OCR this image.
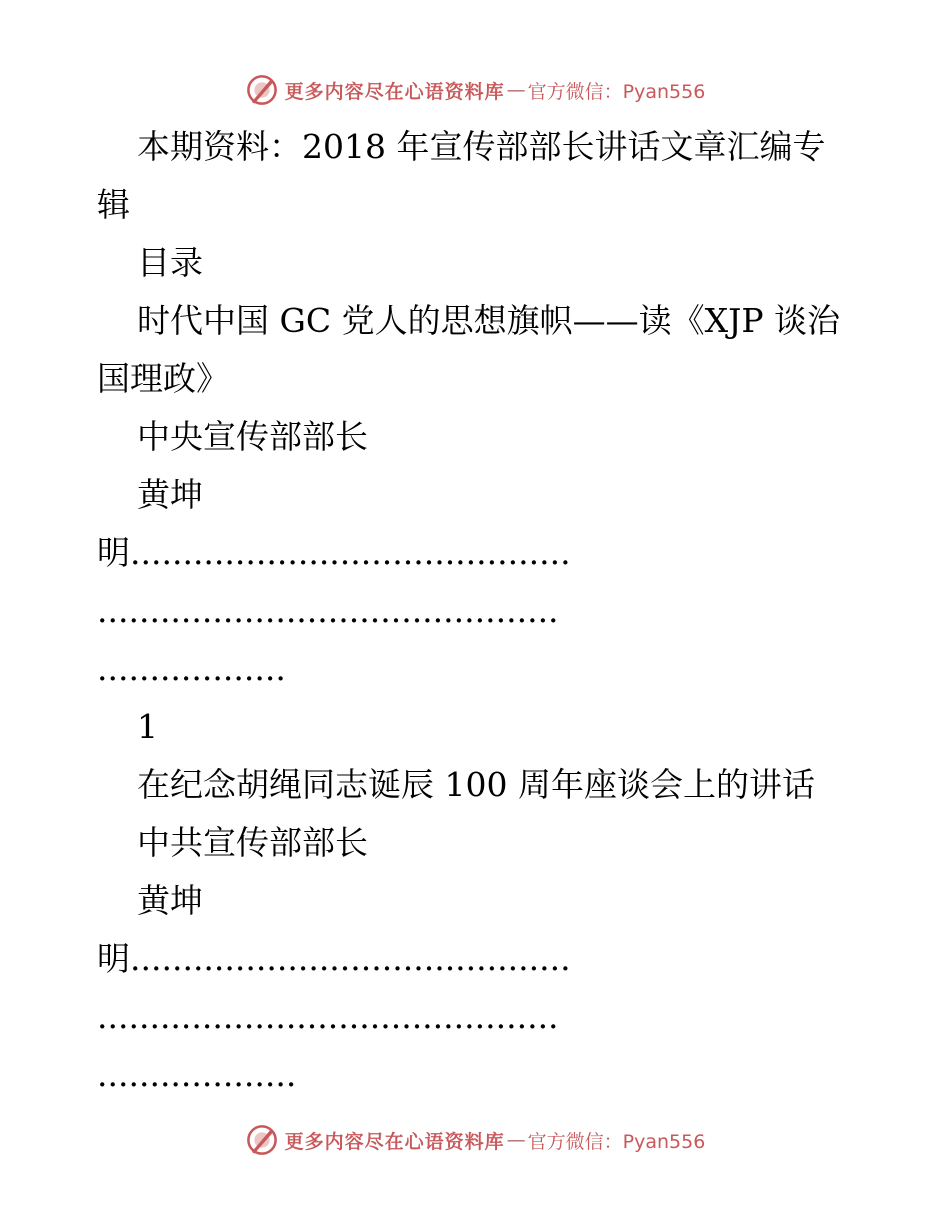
更多内容尽在心语资料库 — 官方微信：Pyan556

本期资料：2018 年宣传部部长讲话文章汇编专

辑

目录

时代中国 GC 党人的思想旗帜——读《XJP 谈治

国理政》

中央宣传部部长

黄坤

明..........................................

............................................

..................

1

在纪念胡绳同志诞辰 100 周年座谈会上的讲话

中共宣传部部长

黄坤

明..........................................

............................................

...................

更多内容尽在心语资料库 — 官方微信：Pyan556
